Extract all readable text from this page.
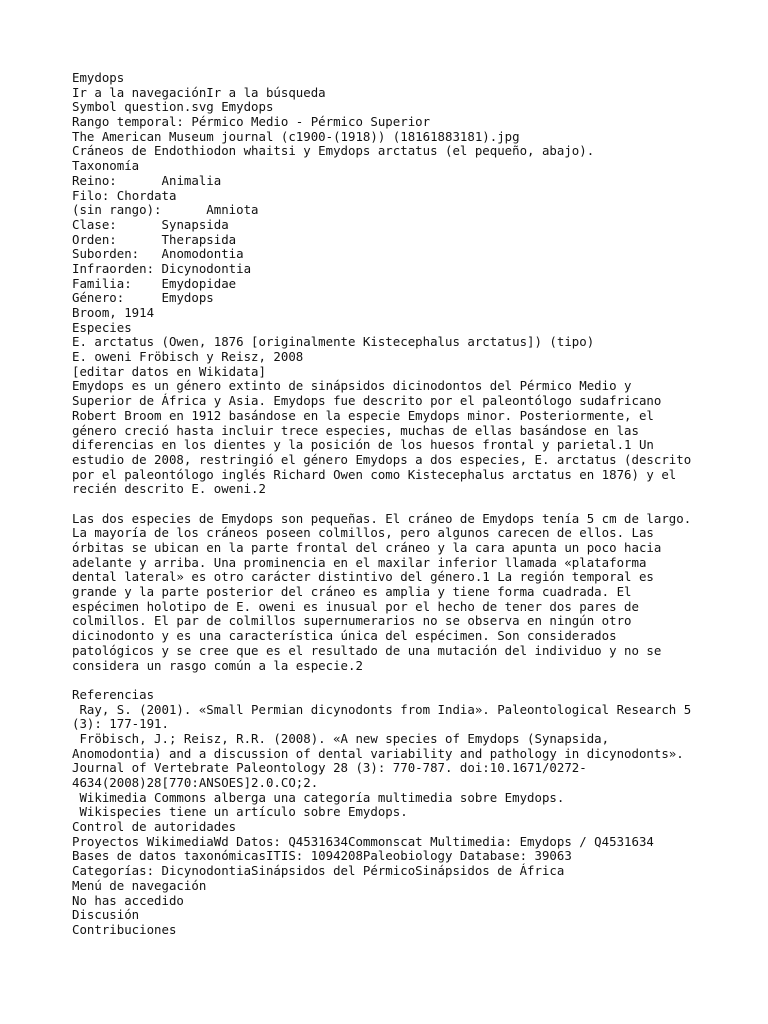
Emydops
Ir a la navegaciónIr a la búsqueda
Symbol question.svg Emydops
Rango temporal: Pérmico Medio - Pérmico Superior
The American Museum journal (c1900-(1918)) (18161883181).jpg
Cráneos de Endothiodon whaitsi y Emydops arctatus (el pequeño, abajo).
Taxonomía
Reino:	Animalia
Filo: Chordata
(sin rango):	Amniota
Clase:	Synapsida
Orden:	Therapsida
Suborden: Anomodontia
Infraorden: Dicynodontia
Familia: Emydopidae
Género:	Emydops
Broom, 1914
Especies
E. arctatus (Owen, 1876 [originalmente Kistecephalus arctatus]) (tipo)
E. oweni Fröbisch y Reisz, 2008
[editar datos en Wikidata]
Emydops es un género extinto de sinápsidos dicinodontos del Pérmico Medio y
Superior de África y Asia. Emydops fue descrito por el paleontólogo sudafricano
Robert Broom en 1912 basándose en la especie Emydops minor. Posteriormente, el
género creció hasta incluir trece especies, muchas de ellas basándose en las
diferencias en los dientes y la posición de los huesos frontal y parietal.1 Un
estudio de 2008, restringió el género Emydops a dos especies, E. arctatus (descrito
por el paleontólogo inglés Richard Owen como Kistecephalus arctatus en 1876) y el
recién descrito E. oweni.2
Las dos especies de Emydops son pequeñas. El cráneo de Emydops tenía 5 cm de largo.
La mayoría de los cráneos poseen colmillos, pero algunos carecen de ellos. Las
órbitas se ubican en la parte frontal del cráneo y la cara apunta un poco hacia
adelante y arriba. Una prominencia en el maxilar inferior llamada «plataforma
dental lateral» es otro carácter distintivo del género.1 La región temporal es
grande y la parte posterior del cráneo es amplia y tiene forma cuadrada. El
espécimen holotipo de E. oweni es inusual por el hecho de tener dos pares de
colmillos. El par de colmillos supernumerarios no se observa en ningún otro
dicinodonto y es una característica única del espécimen. Son considerados
patológicos y se cree que es el resultado de una mutación del individuo y no se
considera un rasgo común a la especie.2
Referencias
Ray, S. (2001). «Small Permian dicynodonts from India». Paleontological Research 5
(3): 177-191.
Fröbisch, J.; Reisz, R.R. (2008). «A new species of Emydops (Synapsida,
Anomodontia) and a discussion of dental variability and pathology in dicynodonts».
Journal of Vertebrate Paleontology 28 (3): 770-787. doi:10.1671/0272-
4634(2008)28[770:ANSOES]2.0.CO;2.
Wikimedia Commons alberga una categoría multimedia sobre Emydops.
Wikispecies tiene un artículo sobre Emydops.
Control de autoridades
Proyectos WikimediaWd Datos: Q4531634Commonscat Multimedia: Emydops / Q4531634
Bases de datos taxonómicasITIS: 1094208Paleobiology Database: 39063
Categorías: DicynodontiaSinápsidos del PérmicoSinápsidos de África
Menú de navegación
No has accedido
Discusión
Contribuciones
